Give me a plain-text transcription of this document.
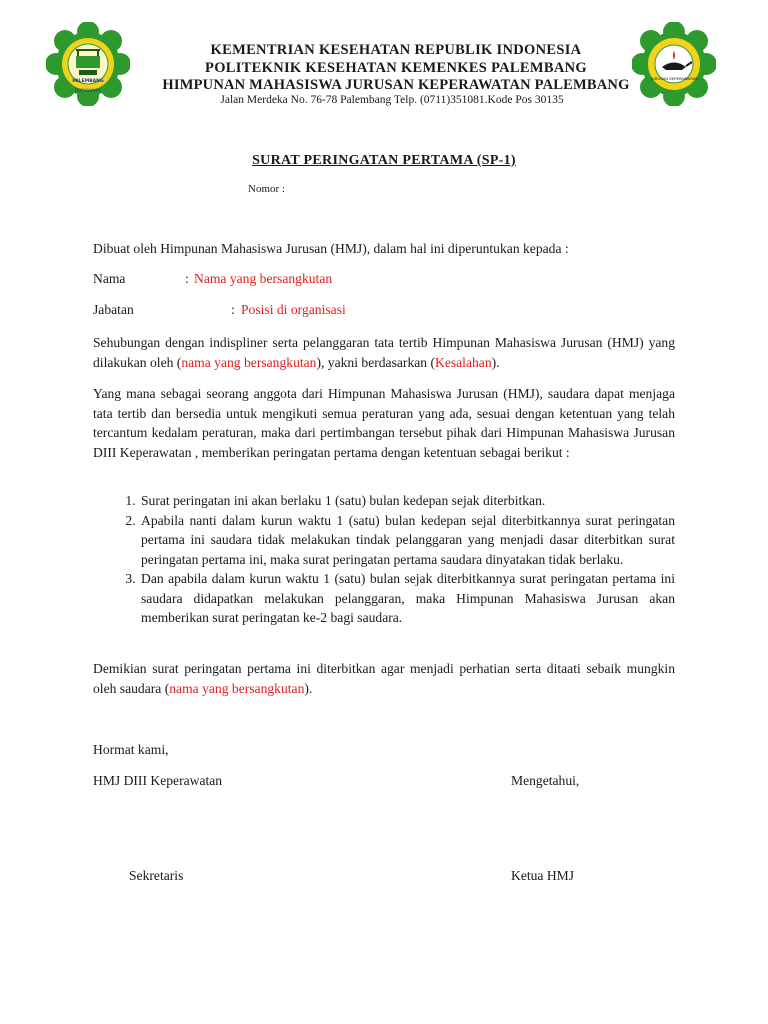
PALEMBANG
DOGHWAYAS
JURUSAN KEPERAWATAN
KEMENTRIAN KESEHATAN REPUBLIK INDONESIA
POLITEKNIK KESEHATAN KEMENKES PALEMBANG
HIMPUNAN MAHASISWA JURUSAN KEPERAWATAN PALEMBANG
Jalan Merdeka No. 76-78 Palembang Telp. (0711)351081.Kode Pos 30135
SURAT PERINGATAN PERTAMA (SP-1)
Nomor :
Dibuat oleh Himpunan Mahasiswa Jurusan (HMJ), dalam hal ini diperuntukan kepada :
Nama	: Nama yang bersangkutan
Jabatan	: Posisi di organisasi
Sehubungan dengan indispliner serta pelanggaran tata tertib Himpunan Mahasiswa Jurusan (HMJ) yang dilakukan oleh (nama yang bersangkutan), yakni berdasarkan (Kesalahan).
Yang mana sebagai seorang anggota dari Himpunan Mahasiswa Jurusan (HMJ), saudara dapat menjaga tata tertib dan bersedia untuk mengikuti semua peraturan yang ada, sesuai dengan ketentuan yang telah tercantum kedalam peraturan, maka dari pertimbangan tersebut pihak dari Himpunan Mahasiswa Jurusan DIII Keperawatan , memberikan peringatan pertama dengan ketentuan sebagai berikut :
1. Surat peringatan ini akan berlaku 1 (satu) bulan kedepan sejak diterbitkan.
2. Apabila nanti dalam kurun waktu 1 (satu) bulan kedepan sejal diterbitkannya surat peringatan pertama ini saudara tidak melakukan tindak pelanggaran yang menjadi dasar diterbitkan surat peringatan pertama ini, maka surat peringatan pertama saudara dinyatakan tidak berlaku.
3. Dan apabila dalam kurun waktu 1 (satu) bulan sejak diterbitkannya surat peringatan pertama ini saudara didapatkan melakukan pelanggaran, maka Himpunan Mahasiswa Jurusan akan memberikan surat peringatan ke-2 bagi saudara.
Demikian surat peringatan pertama ini diterbitkan agar menjadi perhatian serta ditaati sebaik mungkin oleh saudara (nama yang bersangkutan).
Hormat kami,
HMJ DIII Keperawatan	Mengetahui,
Sekretaris	Ketua HMJ
